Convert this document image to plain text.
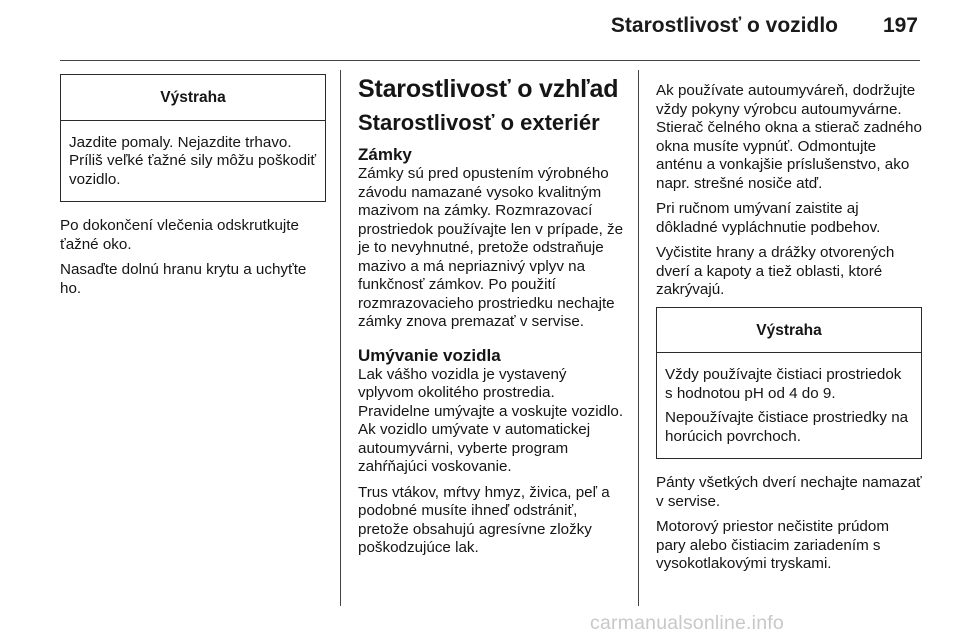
Starostlivosť o vozidlo 197
Výstraha

Jazdite pomaly. Nejazdite trhavo. Príliš veľké ťažné sily môžu poškodiť vozidlo.

Po dokončení vlečenia odskrutkujte ťažné oko.

Nasaďte dolnú hranu krytu a uchyťte ho.

Starostlivosť o vzhľad
Starostlivosť o exteriér
Zámky

Zámky sú pred opustením výrobného závodu namazané vysoko kvalitným mazivom na zámky. Rozmrazovací prostriedok používajte len v prípade, že je to nevyhnutné, pretože odstraňuje mazivo a má nepriaznivý vplyv na funkčnosť zámkov. Po použití rozmrazovacieho prostriedku nechajte zámky znova premazať v servise.

Umývanie vozidla

Lak vášho vozidla je vystavený vplyvom okolitého prostredia. Pravidelne umývajte a voskujte vozidlo. Ak vozidlo umývate v automatickej autoumyvárni, vyberte program zahŕňajúci voskovanie.

Trus vtákov, mŕtvy hmyz, živica, peľ a podobné musíte ihneď odstrániť, pretože obsahujú agresívne zložky poškodzujúce lak.

Ak používate autoumyváreň, dodržujte vždy pokyny výrobcu autoumyvárne. Stierač čelného okna a stierač zadného okna musíte vypnúť. Odmontujte anténu a vonkajšie príslušenstvo, ako napr. strešné nosiče atď.

Pri ručnom umývaní zaistite aj dôkladné vypláchnutie podbehov.

Vyčistite hrany a drážky otvorených dverí a kapoty a tiež oblasti, ktoré zakrývajú.

Výstraha

Vždy používajte čistiaci prostriedok s hodnotou pH od 4 do 9.

Nepoužívajte čistiace prostriedky na horúcich povrchoch.

Pánty všetkých dverí nechajte namazať v servise.

Motorový priestor nečistite prúdom pary alebo čistiacim zariadením s vysokotlakovými tryskami.

carmanualsonline.info
